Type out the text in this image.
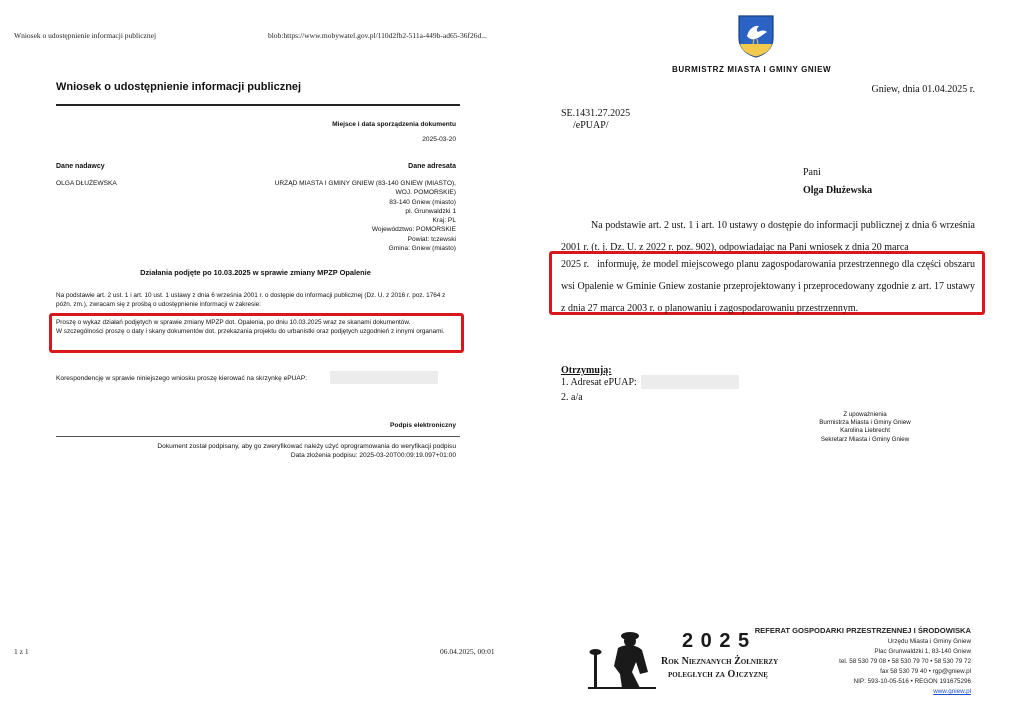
Wniosek o udostępnienie informacji publicznej	blob:https://www.mobywatel.gov.pl/110d2fb2-511a-449b-ad65-36f26d...
Wniosek o udostępnienie informacji publicznej
Miejsce i data sporządzenia dokumentu
2025-03-20
Dane nadawcy	Dane adresata
OLGA DŁUŻEWSKA	URZĄD MIASTA I GMINY GNIEW (83-140 GNIEW (MIASTO),
WOJ. POMORSKIE)
83-140 Gniew (miasto)
pl. Grunwaldzki 1
Kraj: PL
Województwo: POMORSKIE
Powiat: tczewski
Gmina: Gniew (miasto)
Działania podjęte po 10.03.2025 w sprawie zmiany MPZP Opalenie
Na podstawie art. 2 ust. 1 i art. 10 ust. 1 ustawy z dnia 6 września 2001 r. o dostępie do informacji publicznej (Dz. U. z 2016 r. poz. 1764 z późn. zm.), zwracam się z prośbą o udostępnienie informacji w zakresie:
Proszę o wykaz działań podjętych w sprawie zmiany MPZP dot. Opalenia, po dniu 10.03.2025 wraz ze skanami dokumentów.
W szczególności proszę o daty i skany dokumentów dot. przekazania projektu do urbanistki oraz podjętych uzgodnień z innymi organami.
Korespondencję w sprawie niniejszego wniosku proszę kierować na skrzynkę ePUAP:
Podpis elektroniczny
Dokument został podpisany, aby go zweryfikować należy użyć oprogramowania do weryfikacji podpisu
Data złożenia podpisu: 2025-03-20T00:09:19.097+01:00
1 z 1	06.04.2025, 00:01
BURMISTRZ MIASTA I GMINY GNIEW
Gniew, dnia 01.04.2025 r.
SE.1431.27.2025
/ePUAP/
Pani
Olga Dłużewska
Na podstawie art. 2 ust. 1 i art. 10 ustawy o dostępie do informacji publicznej z dnia 6 września 2001 r. (t. j. Dz. U. z 2022 r. poz. 902), odpowiadając na Pani wniosek z dnia 20 marca
2025 r.   informuję, że model miejscowego planu zagospodarowania przestrzennego dla części obszaru wsi Opalenie w Gminie Gniew zostanie przeprojektowany i przeprocedowany zgodnie z art. 17 ustawy z dnia 27 marca 2003 r. o planowaniu i zagospodarowaniu przestrzennym.
Otrzymują:
1. Adresat ePUAP:
2. a/a
Z upoważnienia
Burmistrza Miasta i Gminy Gniew
Karolina Liebrecht
Sekretarz Miasta i Gminy Gniew
2 0 2 5
Rok Nieznanych Żołnierzy
poległych za Ojczyznę
REFERAT GOSPODARKI PRZESTRZENNEJ I ŚRODOWISKA
Urzędu Miasta i Gminy Gniew
Plac Grunwaldzki 1, 83-140 Gniew
tel. 58 530 79 08 • 58 530 79 70 • 58 530 79 72
fax 58 530 79 40 • rgp@gniew.pl
NIP: 593-10-05-516 • REGON 191675296
www.gniew.pl
